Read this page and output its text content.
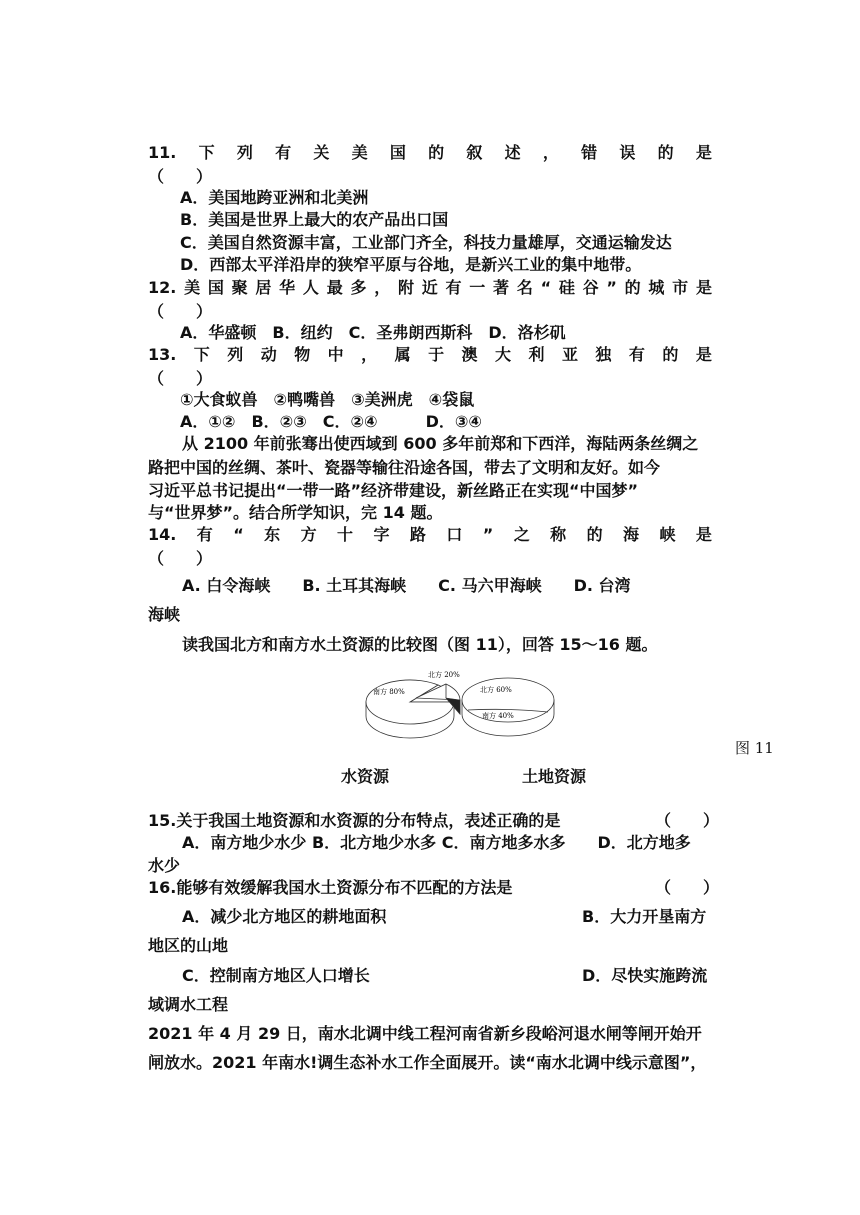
11. 下 列 有 关 美 国 的 叙 述 ， 错 误 的 是
（　　）
A．美国地跨亚洲和北美洲
B．美国是世界上最大的农产品出口国
C．美国自然资源丰富，工业部门齐全，科技力量雄厚，交通运输发达
D．西部太平洋沿岸的狭窄平原与谷地，是新兴工业的集中地带。
12. 美 国 聚 居 华 人 最 多 ， 附 近 有 一 著 名 “ 硅 谷 ” 的 城 市 是
（　　）
A．华盛顿　B．纽约　C．圣弗朗西斯科　D．洛杉矶
13. 下 列 动 物 中 ， 属 于 澳 大 利 亚 独 有 的 是
（　　）
①大食蚁兽　②鸭嘴兽　③美洲虎　④袋鼠
A．①②　B．②③　C．②④　　　D．③④
从 2100 年前张骞出使西域到 600 多年前郑和下西洋，海陆两条丝绸之
路把中国的丝绸、茶叶、瓷器等输往沿途各国，带去了文明和友好。如今
习近平总书记提出“一带一路”经济带建设，新丝路正在实现“中国梦”
与“世界梦”。结合所学知识，完 14 题。
14. 有 “ 东 方 十 字 路 口 ” 之 称 的 海 峡 是
（　　）
A. 白令海峡　　B. 土耳其海峡　　C. 马六甲海峡　　D. 台湾
海峡
读我国北方和南方水土资源的比较图（图 11），回答 15～16 题。
南方 80%
北方 20%
北方 60%
南方 40%
图 11
水资源	土地资源
15.关于我国土地资源和水资源的分布特点，表述正确的是	（　　）
A．南方地少水少 B．北方地少水多 C．南方地多水多　　D．北方地多
水少
16.能够有效缓解我国水土资源分布不匹配的方法是	（　　）
A．减少北方地区的耕地面积	B．大力开垦南方
地区的山地
C．控制南方地区人口增长	D．尽快实施跨流
域调水工程
2021 年 4 月 29 日，南水北调中线工程河南省新乡段峪河退水闸等闸开始开
闸放水。2021 年南水!调生态补水工作全面展开。读“南水北调中线示意图”，
